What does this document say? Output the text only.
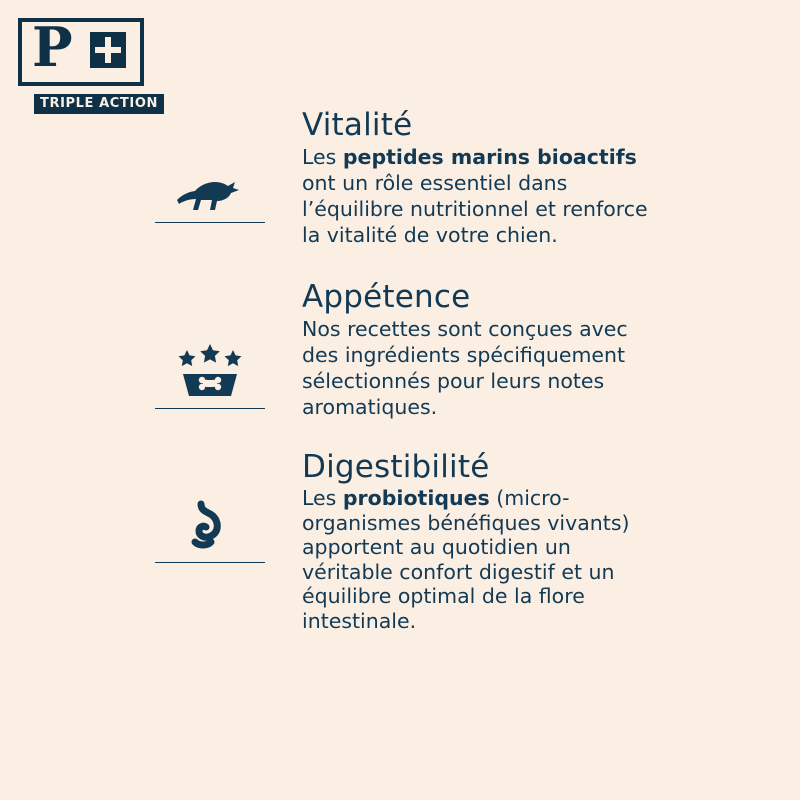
P
TRIPLE ACTION
Vitalité

Les peptides marins bioactifs ont un rôle essentiel dans l’équilibre nutritionnel et renforce la vitalité de votre chien.

Appétence

Nos recettes sont conçues avec des ingrédients spécifiquement sélectionnés pour leurs notes aromatiques.

Digestibilité

Les probiotiques (micro-organismes bénéfiques vivants) apportent au quotidien un véritable confort digestif et un équilibre optimal de la flore intestinale.
